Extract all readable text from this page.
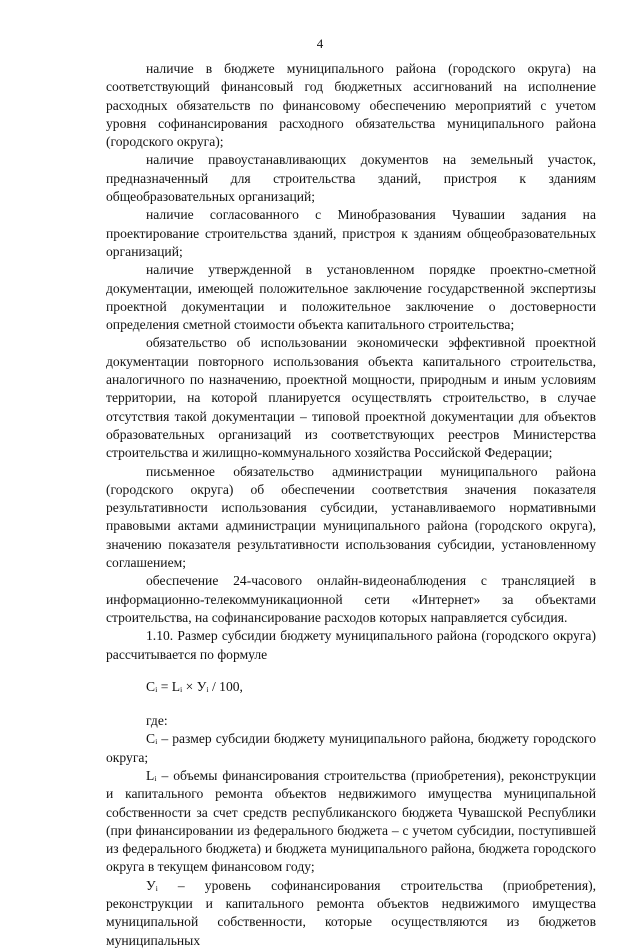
4

наличие в бюджете муниципального района (городского округа) на соответствующий финансовый год бюджетных ассигнований на исполнение расходных обязательств по финансовому обеспечению мероприятий с учетом уровня софинансирования расходного обязательства муниципального района (городского округа);

наличие правоустанавливающих документов на земельный участок, предназначенный для строительства зданий, пристроя к зданиям общеобразовательных организаций;

наличие согласованного с Минобразования Чувашии задания на проектирование строительства зданий, пристроя к зданиям общеобразовательных организаций;

наличие утвержденной в установленном порядке проектно-сметной документации, имеющей положительное заключение государственной экспертизы проектной документации и положительное заключение о достоверности определения сметной стоимости объекта капитального строительства;

обязательство об использовании экономически эффективной проектной документации повторного использования объекта капитального строительства, аналогичного по назначению, проектной мощности, природным и иным условиям территории, на которой планируется осуществлять строительство, в случае отсутствия такой документации – типовой проектной документации для объектов образовательных организаций из соответствующих реестров Министерства строительства и жилищно-коммунального хозяйства Российской Федерации;

письменное обязательство администрации муниципального района (городского округа) об обеспечении соответствия значения показателя результативности использования субсидии, устанавливаемого нормативными правовыми актами администрации муниципального района (городского округа), значению показателя результативности использования субсидии, установленному соглашением;

обеспечение 24-часового онлайн-видеонаблюдения с трансляцией в информационно-телекоммуникационной сети «Интернет» за объектами строительства, на софинансирование расходов которых направляется субсидия.

1.10. Размер субсидии бюджету муниципального района (городского округа) рассчитывается по формуле

Cᵢ = Lᵢ × Уᵢ / 100,

где:

Cᵢ – размер субсидии бюджету муниципального района, бюджету городского округа;

Lᵢ – объемы финансирования строительства (приобретения), реконструкции и капитального ремонта объектов недвижимого имущества муниципальной собственности за счет средств республиканского бюджета Чувашской Республики (при финансировании из федерального бюджета – с учетом субсидии, поступившей из федерального бюджета) и бюджета муниципального района, бюджета городского округа в текущем финансовом году;

Уᵢ – уровень софинансирования строительства (приобретения), реконструкции и капитального ремонта объектов недвижимого имущества муниципальной собственности, которые осуществляются из бюджетов муниципальных
